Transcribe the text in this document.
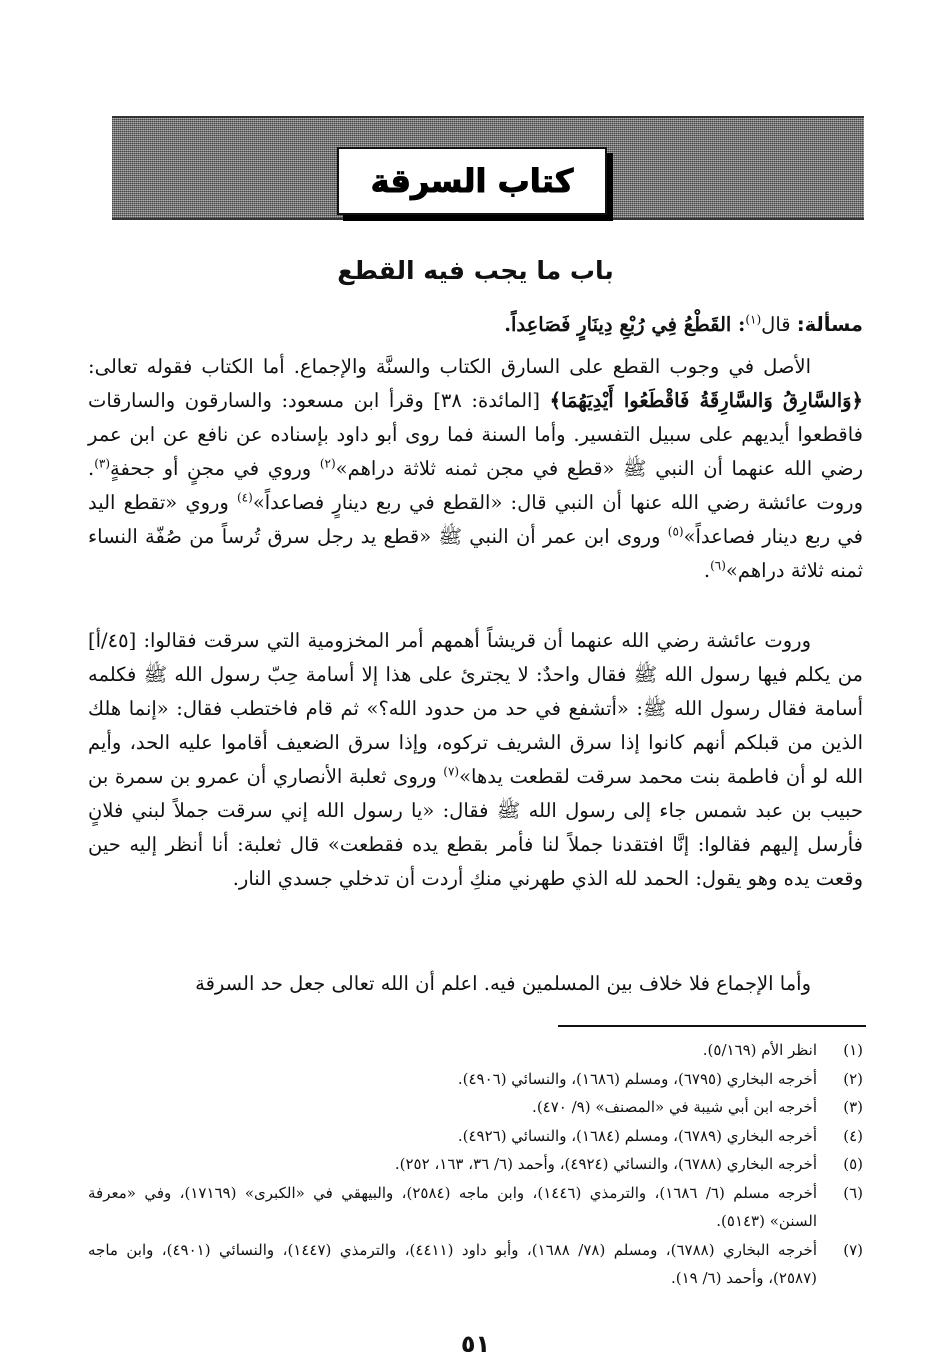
كتاب السرقة
باب ما يجب فيه القطع
مسألة: قال$^{(١)}$: القَطْعُ فِي رُبْعِ دِينَارٍ فَصَاعِداً.
الأصل في وجوب القطع على السارق الكتاب والسنَّة والإجماع. أما الكتاب فقوله تعالى: ﴿وَالسَّارِقُ وَالسَّارِقَةُ فَاقْطَعُوا أَيْدِيَهُمَا﴾ [المائدة: ٣٨] وقرأ ابن مسعود: والسارقون والسارقات فاقطعوا أيديهم على سبيل التفسير. وأما السنة فما روى أبو داود بإسناده عن نافع عن ابن عمر رضي الله عنهما أن النبي ﷺ «قطع في مجن ثمنه ثلاثة دراهم»$^{(٢)}$ وروي في مجنٍ أو جحفةٍ$^{(٣)}$. وروت عائشة رضي الله عنها أن النبي قال: «القطع في ربع دينارٍ فصاعداً»$^{(٤)}$ وروي «تقطع اليد في ربع دينار فصاعداً»$^{(٥)}$ وروى ابن عمر أن النبي ﷺ «قطع يد رجل سرق تُرساً من صُفّة النساء ثمنه ثلاثة دراهم»$^{(٦)}$.
وروت عائشة رضي الله عنهما أن قريشاً أهمهم أمر المخزومية التي سرقت فقالوا: [٤٥/أ] من يكلم فيها رسول الله ﷺ فقال واحدٌ: لا يجترئ على هذا إلا أسامة حِبّ رسول الله ﷺ فكلمه أسامة فقال رسول الله ﷺ: «أتشفع في حد من حدود الله؟» ثم قام فاختطب فقال: «إنما هلك الذين من قبلكم أنهم كانوا إذا سرق الشريف تركوه، وإذا سرق الضعيف أقاموا عليه الحد، وأيم الله لو أن فاطمة بنت محمد سرقت لقطعت يدها»$^{(٧)}$ وروى ثعلبة الأنصاري أن عمرو بن سمرة بن حبيب بن عبد شمس جاء إلى رسول الله ﷺ فقال: «يا رسول الله إني سرقت جملاً لبني فلانٍ فأرسل إليهم فقالوا: إنَّا افتقدنا جملاً لنا فأمر بقطع يده فقطعت» قال ثعلبة: أنا أنظر إليه حين وقعت يده وهو يقول: الحمد لله الذي طهرني منكِ أردت أن تدخلي جسدي النار.
وأما الإجماع فلا خلاف بين المسلمين فيه. اعلم أن الله تعالى جعل حد السرقة
(١)
انظر الأم (٥/١٦٩).
(٢)
أخرجه البخاري (٦٧٩٥)، ومسلم (١٦٨٦)، والنسائي (٤٩٠٦).
(٣)
أخرجه ابن أبي شيبة في «المصنف» (٩/ ٤٧٠).
(٤)
أخرجه البخاري (٦٧٨٩)، ومسلم (١٦٨٤)، والنسائي (٤٩٢٦).
(٥)
أخرجه البخاري (٦٧٨٨)، والنسائي (٤٩٢٤)، وأحمد (٦/ ٣٦، ١٦٣، ٢٥٢).
(٦)
أخرجه مسلم (٦/ ١٦٨٦)، والترمذي (١٤٤٦)، وابن ماجه (٢٥٨٤)، والبيهقي في «الكبرى» (١٧١٦٩)، وفي «معرفة السنن» (٥١٤٣).
(٧)
أخرجه البخاري (٦٧٨٨)، ومسلم (٧٨/ ١٦٨٨)، وأبو داود (٤٤١١)، والترمذي (١٤٤٧)، والنسائي (٤٩٠١)، وابن ماجه (٢٥٨٧)، وأحمد (٦/ ١٩).
٥١
